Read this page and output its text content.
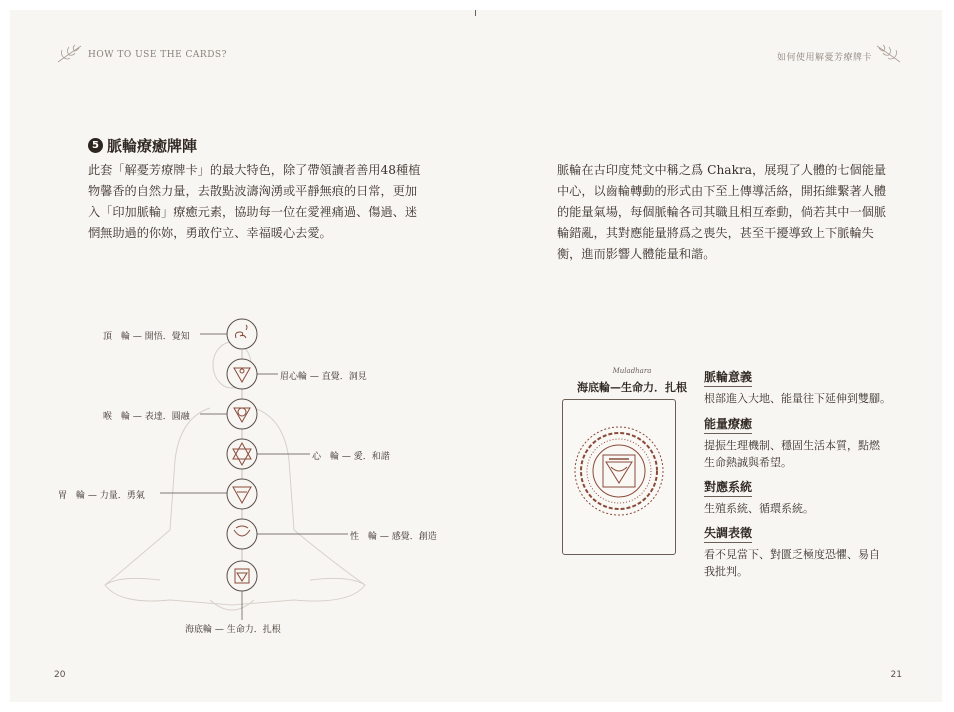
HOW TO USE THE CARDS?
5 脈輪療癒牌陣

此套「解憂芳療牌卡」的最大特色，除了帶領讀者善用48種植物馨香的自然力量，去散點波濤洶湧或平靜無痕的日常，更加入「印加脈輪」療癒元素，協助每一位在愛裡痛過、傷過、迷惘無助過的你妳，勇敢佇立、幸福暖心去愛。

頂　輪 — 開悟．覺知
眉心輪 — 直覺．洞見
喉　輪 — 表達．圓融
心　輪 — 愛．和諧
胃　輪 — 力量．勇氣
性　輪 — 感覺．創造
海底輪 — 生命力．扎根
20
如何使用解憂芳療牌卡

脈輪在古印度梵文中稱之爲 Chakra，展現了人體的七個能量中心，以齒輪轉動的形式由下至上傳導活絡，開拓維繫著人體的能量氣場，每個脈輪各司其職且相互牽動，倘若其中一個脈輪錯亂，其對應能量將爲之喪失，甚至干擾導致上下脈輪失衡，進而影響人體能量和諧。

Muladhara
海底輪—生命力．扎根
脈輪意義
根部進入大地、能量往下延伸到雙腳。
能量療癒
提振生理機制、穩固生活本質，點燃生命熱誠與希望。
對應系統
生殖系統、循環系統。
失調表徵
看不見當下、對匱乏極度恐懼、易自我批判。
21
